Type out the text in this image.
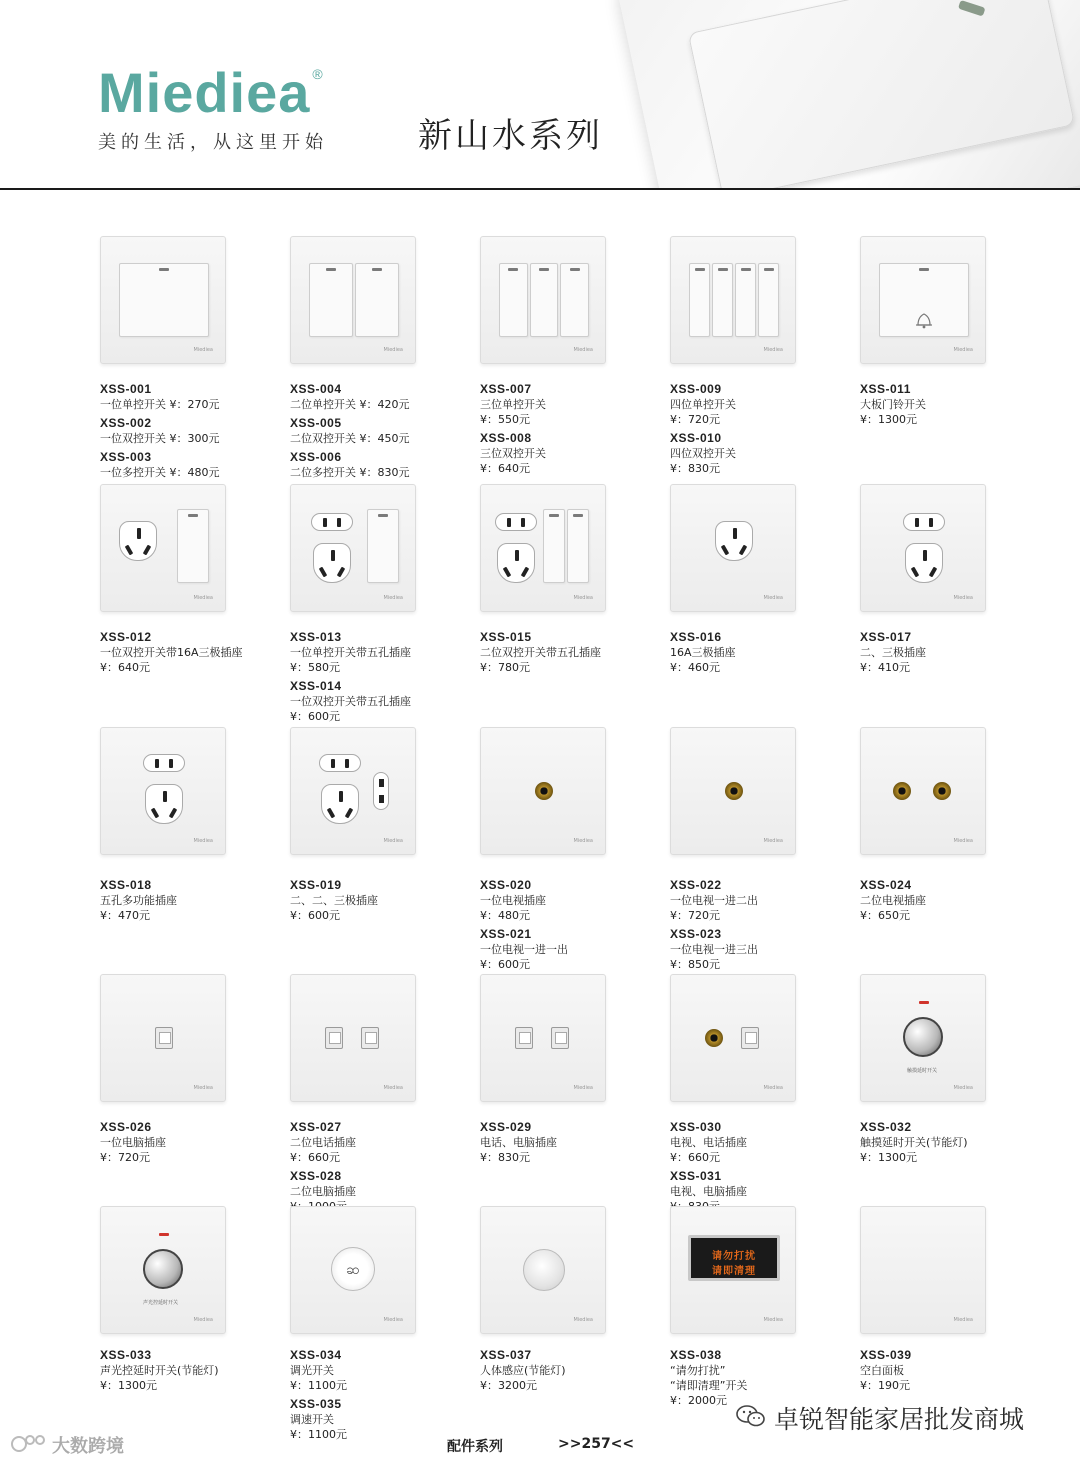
Miediea ®
美的生活，从这里开始	新山水系列
Miediea
XSS-001
一位单控开关 ¥：270元
XSS-002
一位双控开关 ¥：300元
XSS-003
一位多控开关 ¥：480元
Miediea
XSS-004
二位单控开关 ¥：420元
XSS-005
二位双控开关 ¥：450元
XSS-006
二位多控开关 ¥：830元
Miediea
XSS-007
三位单控开关
¥：550元
XSS-008
三位双控开关
¥：640元
Miediea
XSS-009
四位单控开关
¥：720元
XSS-010
四位双控开关
¥：830元
Miediea
XSS-011
大板门铃开关
¥：1300元
Miediea
XSS-012
一位双控开关带16A三极插座
¥：640元
Miediea
XSS-013
一位单控开关带五孔插座
¥：580元
XSS-014
一位双控开关带五孔插座
¥：600元
Miediea
XSS-015
二位双控开关带五孔插座
¥：780元
Miediea
XSS-016
16A三极插座
¥：460元
Miediea
XSS-017
二、三极插座
¥：410元
Miediea
XSS-018
五孔多功能插座
¥：470元
Miediea
XSS-019
二、二、三极插座
¥：600元
Miediea
XSS-020
一位电视插座
¥：480元
XSS-021
一位电视一进一出
¥：600元
Miediea
XSS-022
一位电视一进二出
¥：720元
XSS-023
一位电视一进三出
¥：850元
Miediea
XSS-024
二位电视插座
¥：650元
Miediea
XSS-026
一位电脑插座
¥：720元
Miediea
XSS-027
二位电话插座
¥：660元
XSS-028
二位电脑插座
Miediea
XSS-029
电话、电脑插座
¥：830元
Miediea
XSS-030
电视、电话插座
¥：660元
XSS-031
电视、电脑插座
触摸延时开关
Miediea
XSS-032
触摸延时开关(节能灯)
¥：1300元
声光控延时开关
Miediea
XSS-033
声光控延时开关(节能灯)
¥：1300元
ဆ
Miediea
XSS-034
调光开关
¥：1100元
XSS-035
调速开关
¥：1100元
Miediea
XSS-037
人体感应(节能灯)
¥：3200元
请勿打扰
请即清理
Miediea
XSS-038
“请勿打扰”
“请即清理”开关
¥：2000元
Miediea
XSS-039
空白面板
¥：190元
大数跨境	配件系列	>>257<<
卓锐智能家居批发商城
